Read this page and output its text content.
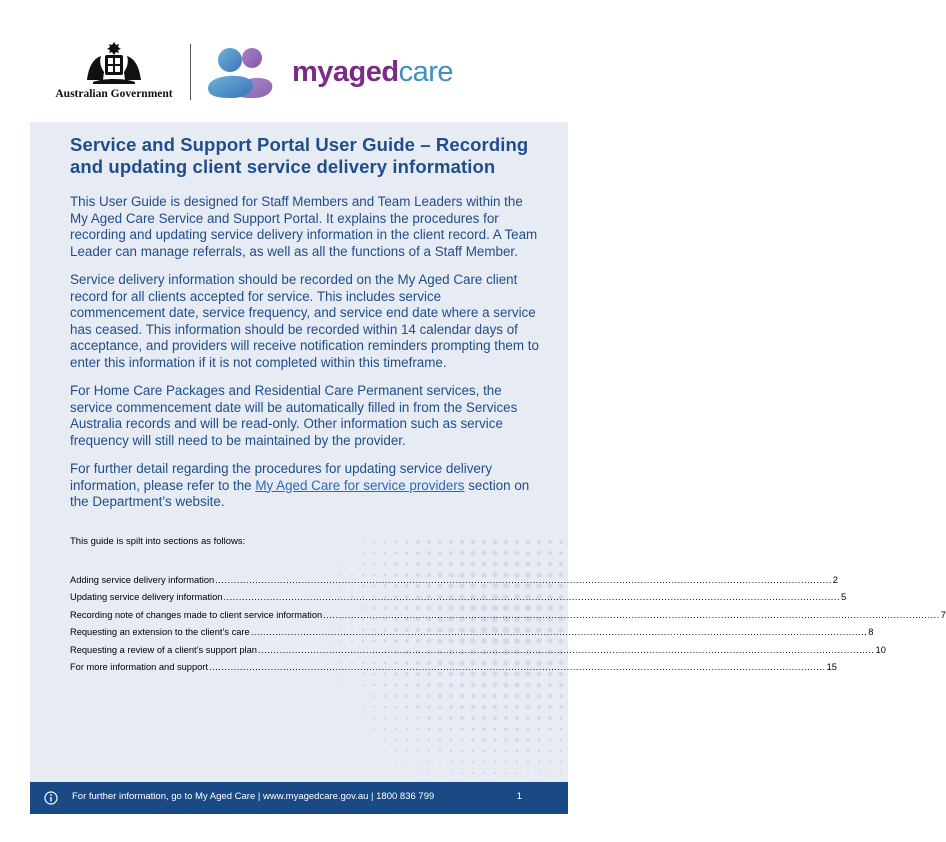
Australian Government
myagedcare
Service and Support Portal User Guide – Recording and updating client service delivery information

This User Guide is designed for Staff Members and Team Leaders within the My Aged Care Service and Support Portal. It explains the procedures for recording and updating service delivery information in the client record. A Team Leader can manage referrals, as well as all the functions of a Staff Member.

Service delivery information should be recorded on the My Aged Care client record for all clients accepted for service. This includes service commencement date, service frequency, and service end date where a service has ceased. This information should be recorded within 14 calendar days of acceptance, and providers will receive notification reminders prompting them to enter this information if it is not completed within this timeframe.

For Home Care Packages and Residential Care Permanent services, the service commencement date will be automatically filled in from the Services Australia records and will be read-only. Other information such as service frequency will still need to be maintained by the provider.

For further detail regarding the procedures for updating service delivery information, please refer to the My Aged Care for service providers section on the Department’s website.

This guide is spilt into sections as follows:

Adding service delivery information ........................................................................................................................................................................................................ 2
Updating service delivery information ........................................................................................................................................................................................................ 5
Recording note of changes made to client service information ........................................................................................................................................................................................................ 7
Requesting an extension to the client’s care ........................................................................................................................................................................................................ 8
Requesting a review of a client’s support plan ........................................................................................................................................................................................................ 10
For more information and support ........................................................................................................................................................................................................ 15
For further information, go to My Aged Care | www.myagedcare.gov.au | 1800 836 799	1
